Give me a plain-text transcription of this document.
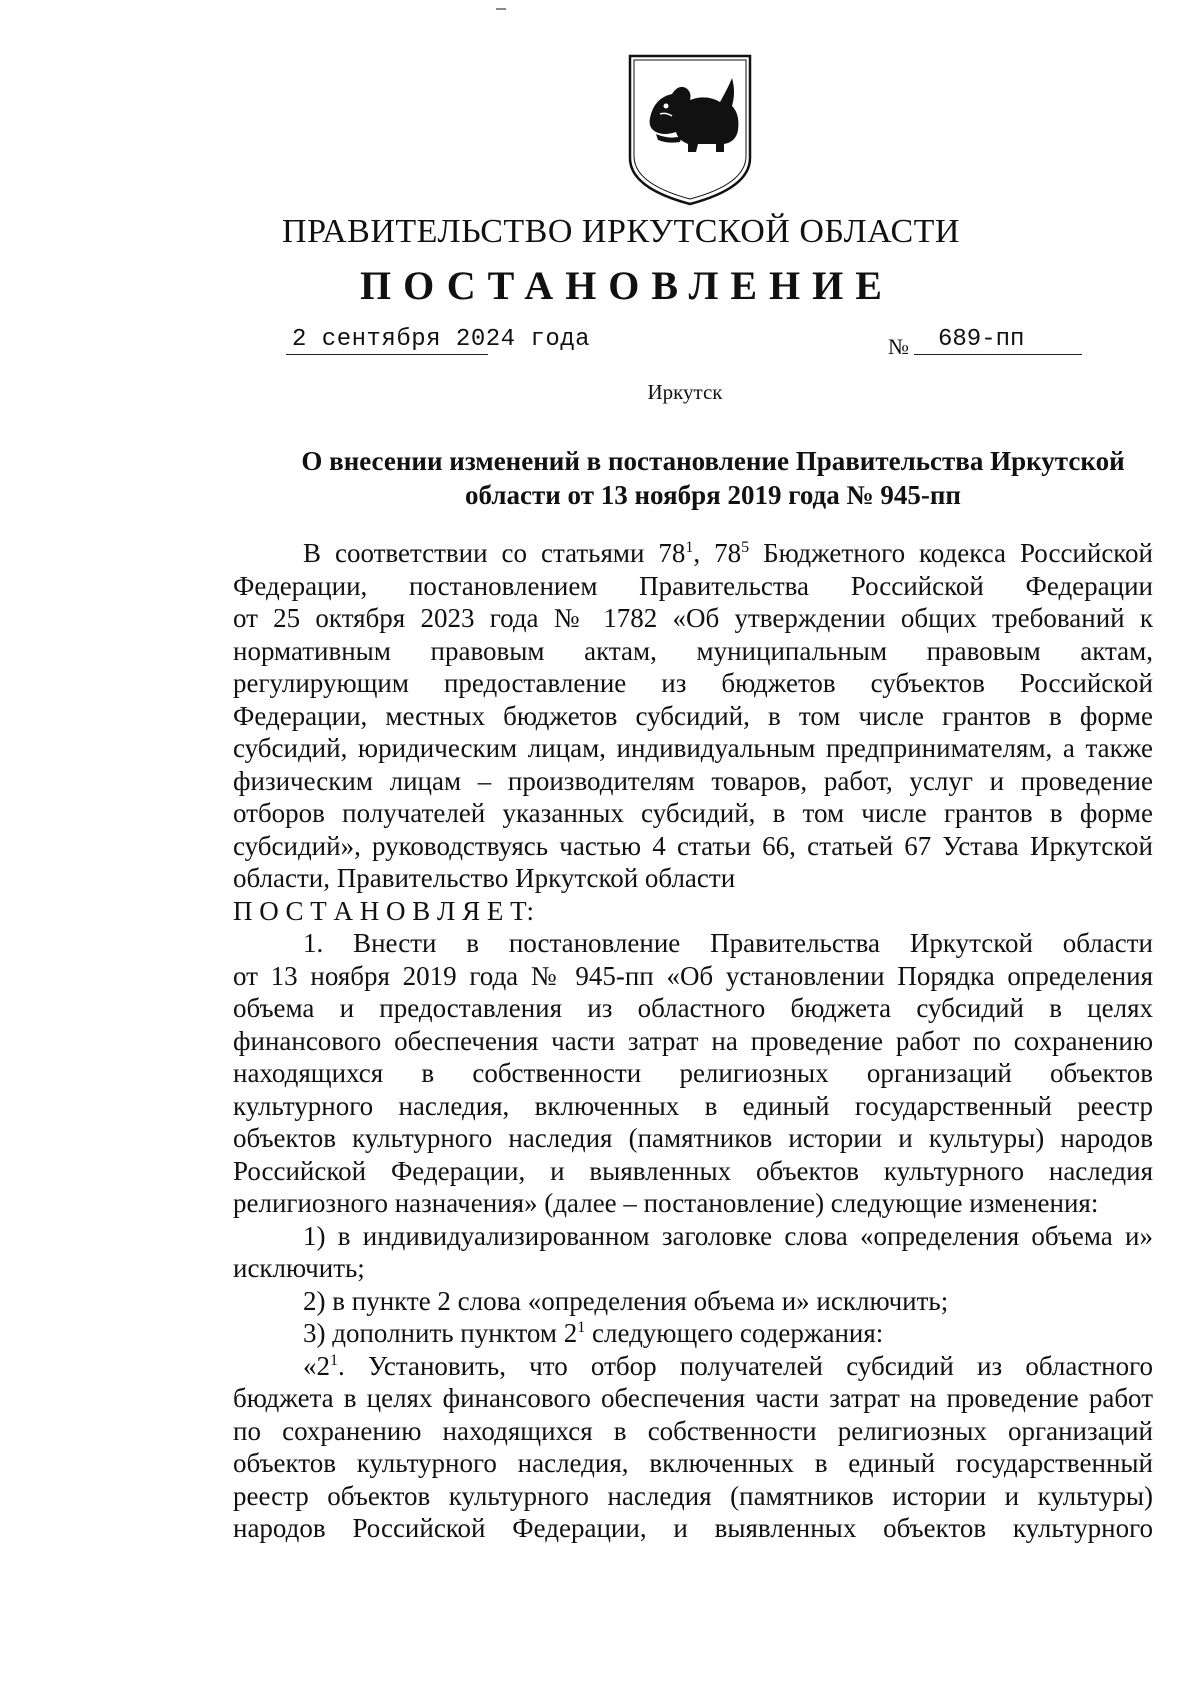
ПРАВИТЕЛЬСТВО ИРКУТСКОЙ ОБЛАСТИ
ПОСТАНОВЛЕНИЕ
2 сентября 2024 года	№ 689-пп
Иркутск
О внесении изменений в постановление Правительства Иркутской
области от 13 ноября 2019 года № 945-пп
В соответствии со статьями $78^1$, $78^5$ Бюджетного кодекса Российской
Федерации, постановлением Правительства Российской Федерации
от 25 октября 2023 года № 1782 «Об утверждении общих требований к
нормативным правовым актам, муниципальным правовым актам,
регулирующим предоставление из бюджетов субъектов Российской
Федерации, местных бюджетов субсидий, в том числе грантов в форме
субсидий, юридическим лицам, индивидуальным предпринимателям, а также
физическим лицам – производителям товаров, работ, услуг и проведение
отборов получателей указанных субсидий, в том числе грантов в форме
субсидий», руководствуясь частью 4 статьи 66, статьей 67 Устава Иркутской
области, Правительство Иркутской области
П О С Т А Н О В Л Я Е Т:
1. Внести в постановление Правительства Иркутской области
от 13 ноября 2019 года № 945-пп «Об установлении Порядка определения
объема и предоставления из областного бюджета субсидий в целях
финансового обеспечения части затрат на проведение работ по сохранению
находящихся в собственности религиозных организаций объектов
культурного наследия, включенных в единый государственный реестр
объектов культурного наследия (памятников истории и культуры) народов
Российской Федерации, и выявленных объектов культурного наследия
религиозного назначения» (далее – постановление) следующие изменения:
1) в индивидуализированном заголовке слова «определения объема и»
исключить;
2) в пункте 2 слова «определения объема и» исключить;
3) дополнить пунктом $2^1$ следующего содержания:
«$2^1$. Установить, что отбор получателей субсидий из областного
бюджета в целях финансового обеспечения части затрат на проведение работ
по сохранению находящихся в собственности религиозных организаций
объектов культурного наследия, включенных в единый государственный
реестр объектов культурного наследия (памятников истории и культуры)
народов Российской Федерации, и выявленных объектов культурного
